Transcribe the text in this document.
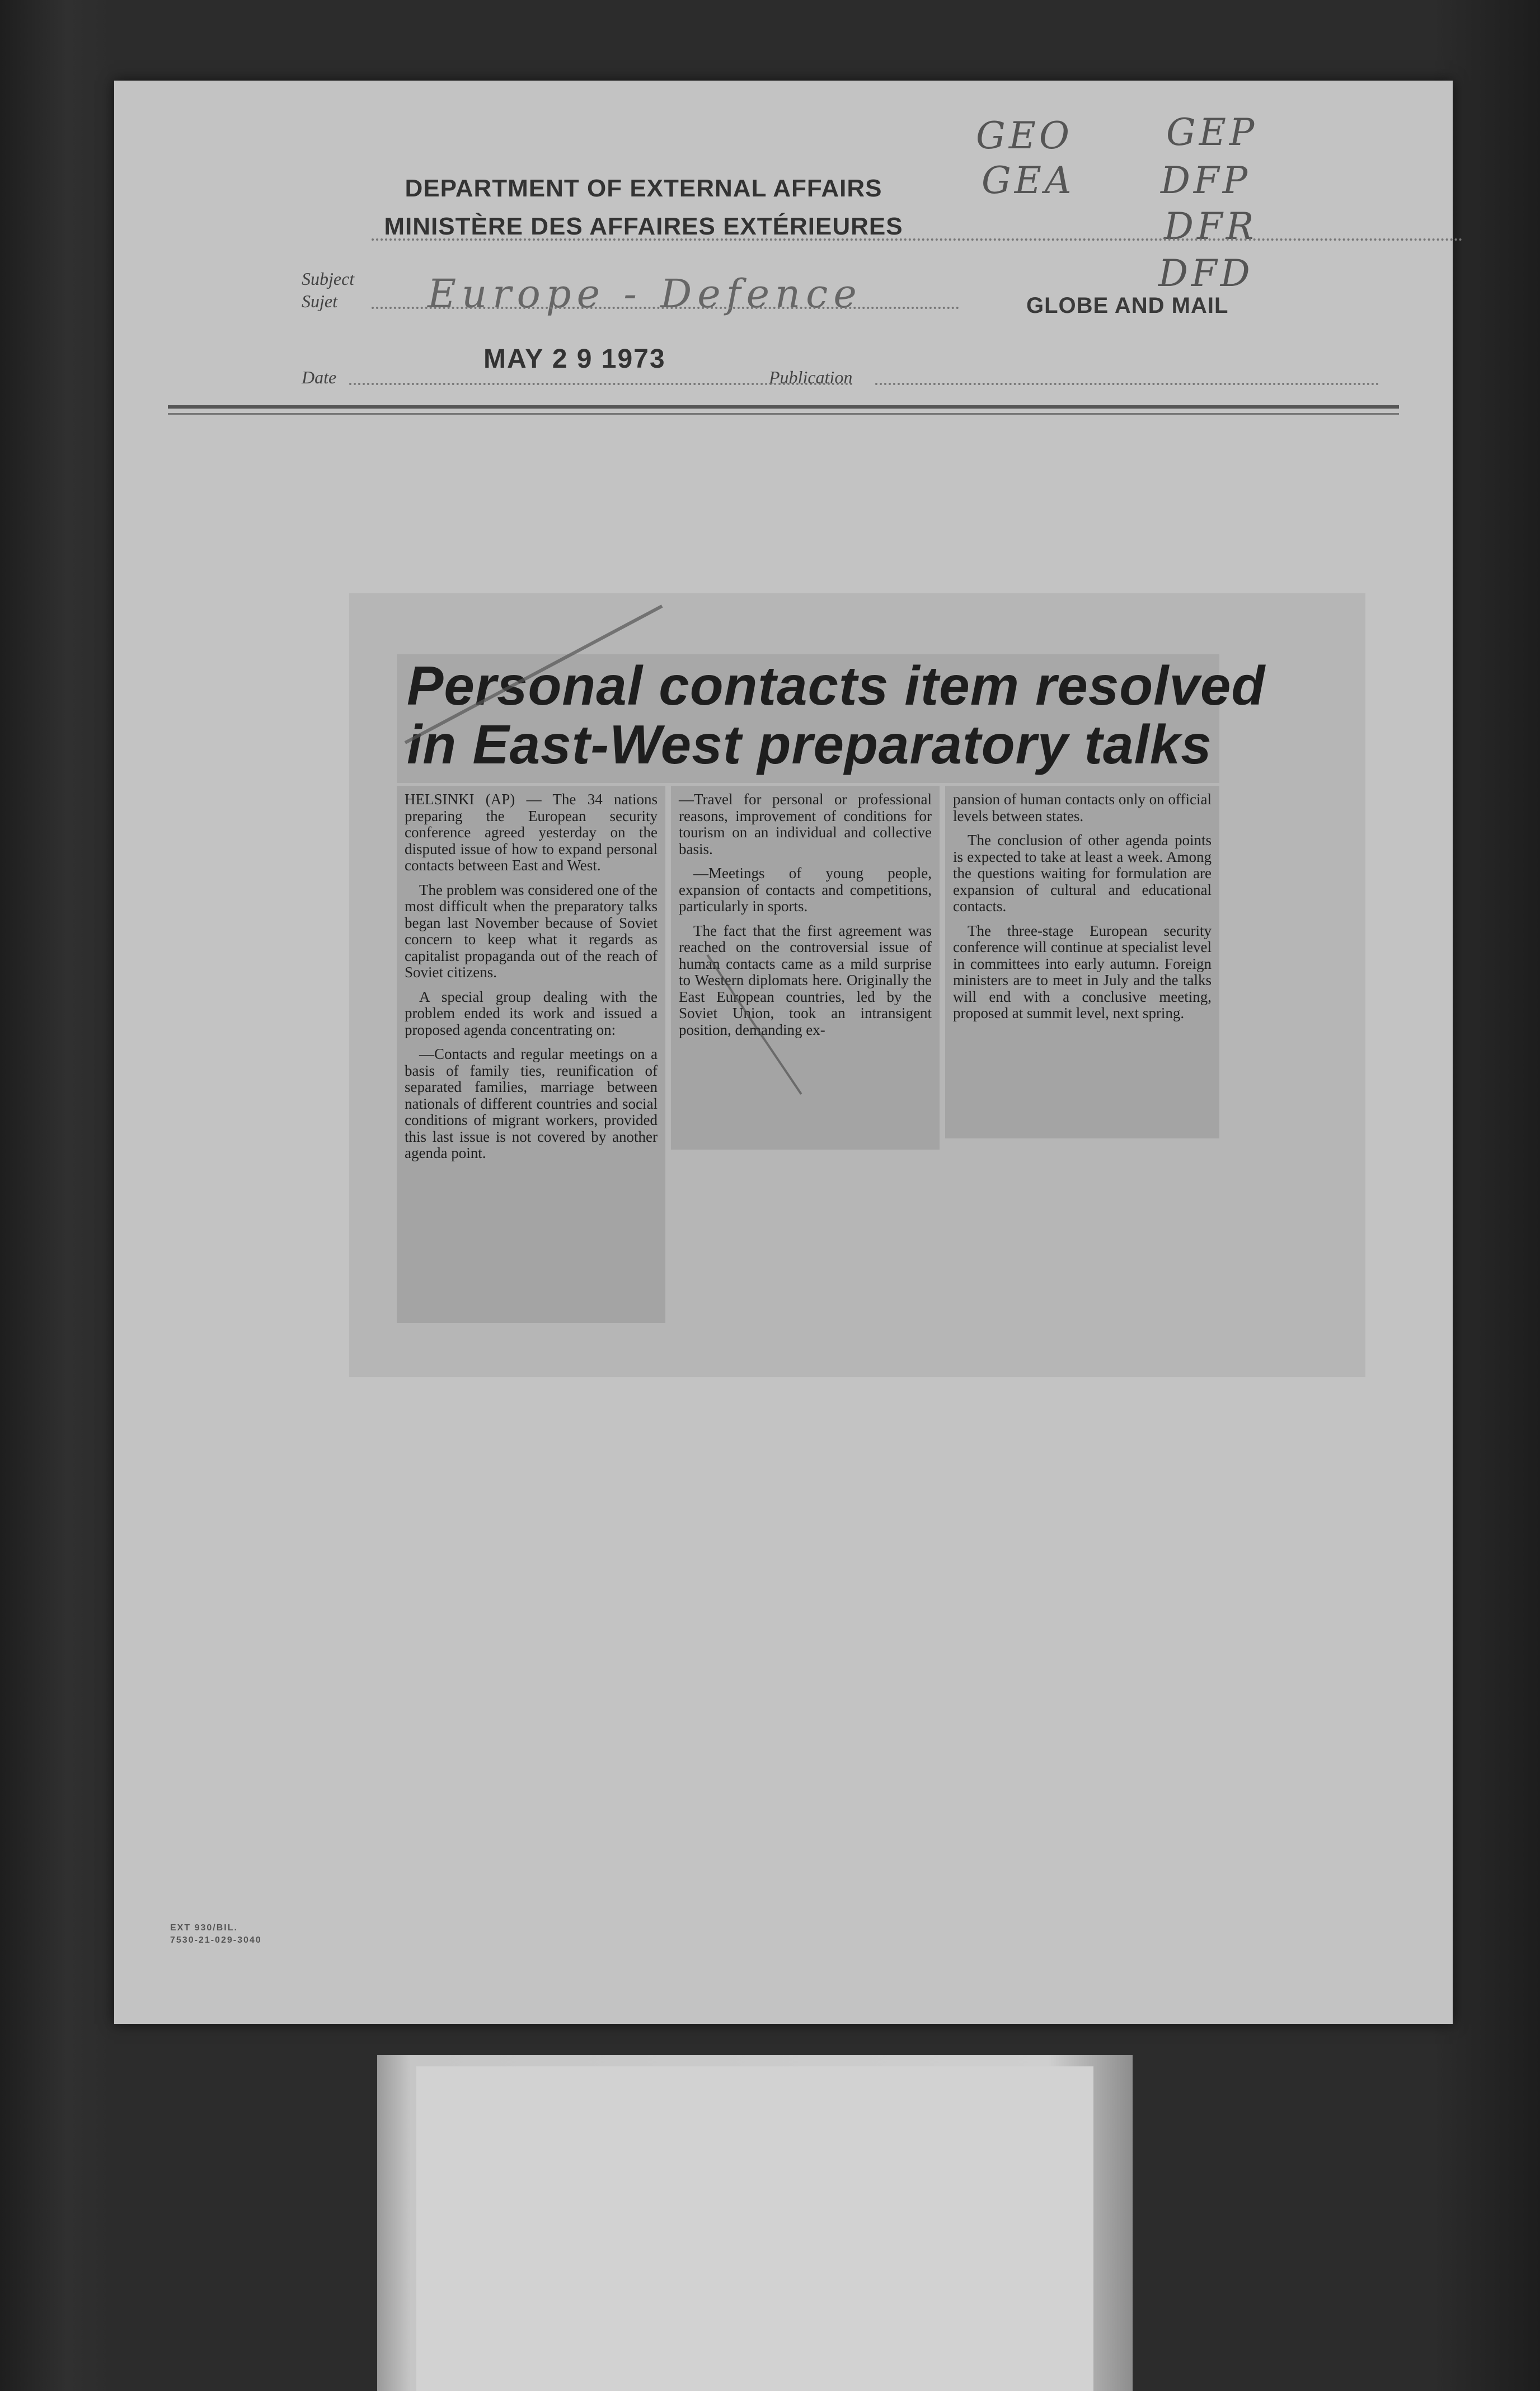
GEO
GEA
GEP
DFP
DFR
DFD
DEPARTMENT OF EXTERNAL AFFAIRS
MINISTÈRE DES AFFAIRES EXTÉRIEURES
Subject
Sujet Europe - Defence	GLOBE AND MAIL
MAY 2 9 1973
Date	Publication
Personal contacts item resolved
in East-West preparatory talks

HELSINKI (AP) — The 34 nations preparing the European security conference agreed yesterday on the disputed issue of how to expand personal contacts between East and West.

The problem was considered one of the most difficult when the preparatory talks began last November because of Soviet concern to keep what it regards as capitalist propaganda out of the reach of Soviet citizens.

A special group dealing with the problem ended its work and issued a proposed agenda concentrating on:

—Contacts and regular meetings on a basis of family ties, reunification of separated families, marriage between nationals of different countries and social conditions of migrant workers, provided this last issue is not covered by another agenda point.

—Travel for personal or professional reasons, improvement of conditions for tourism on an individual and collective basis.

—Meetings of young people, expansion of contacts and competitions, particularly in sports.

The fact that the first agreement was reached on the controversial issue of human contacts came as a mild surprise to Western diplomats here. Originally the East European countries, led by the Soviet Union, took an intransigent position, demanding ex-

pansion of human contacts only on official levels between states.

The conclusion of other agenda points is expected to take at least a week. Among the questions waiting for formulation are expansion of cultural and educational contacts.

The three-stage European security conference will continue at specialist level in committees into early autumn. Foreign ministers are to meet in July and the talks will end with a conclusive meeting, proposed at summit level, next spring.

EXT 930/BIL.
7530-21-029-3040
